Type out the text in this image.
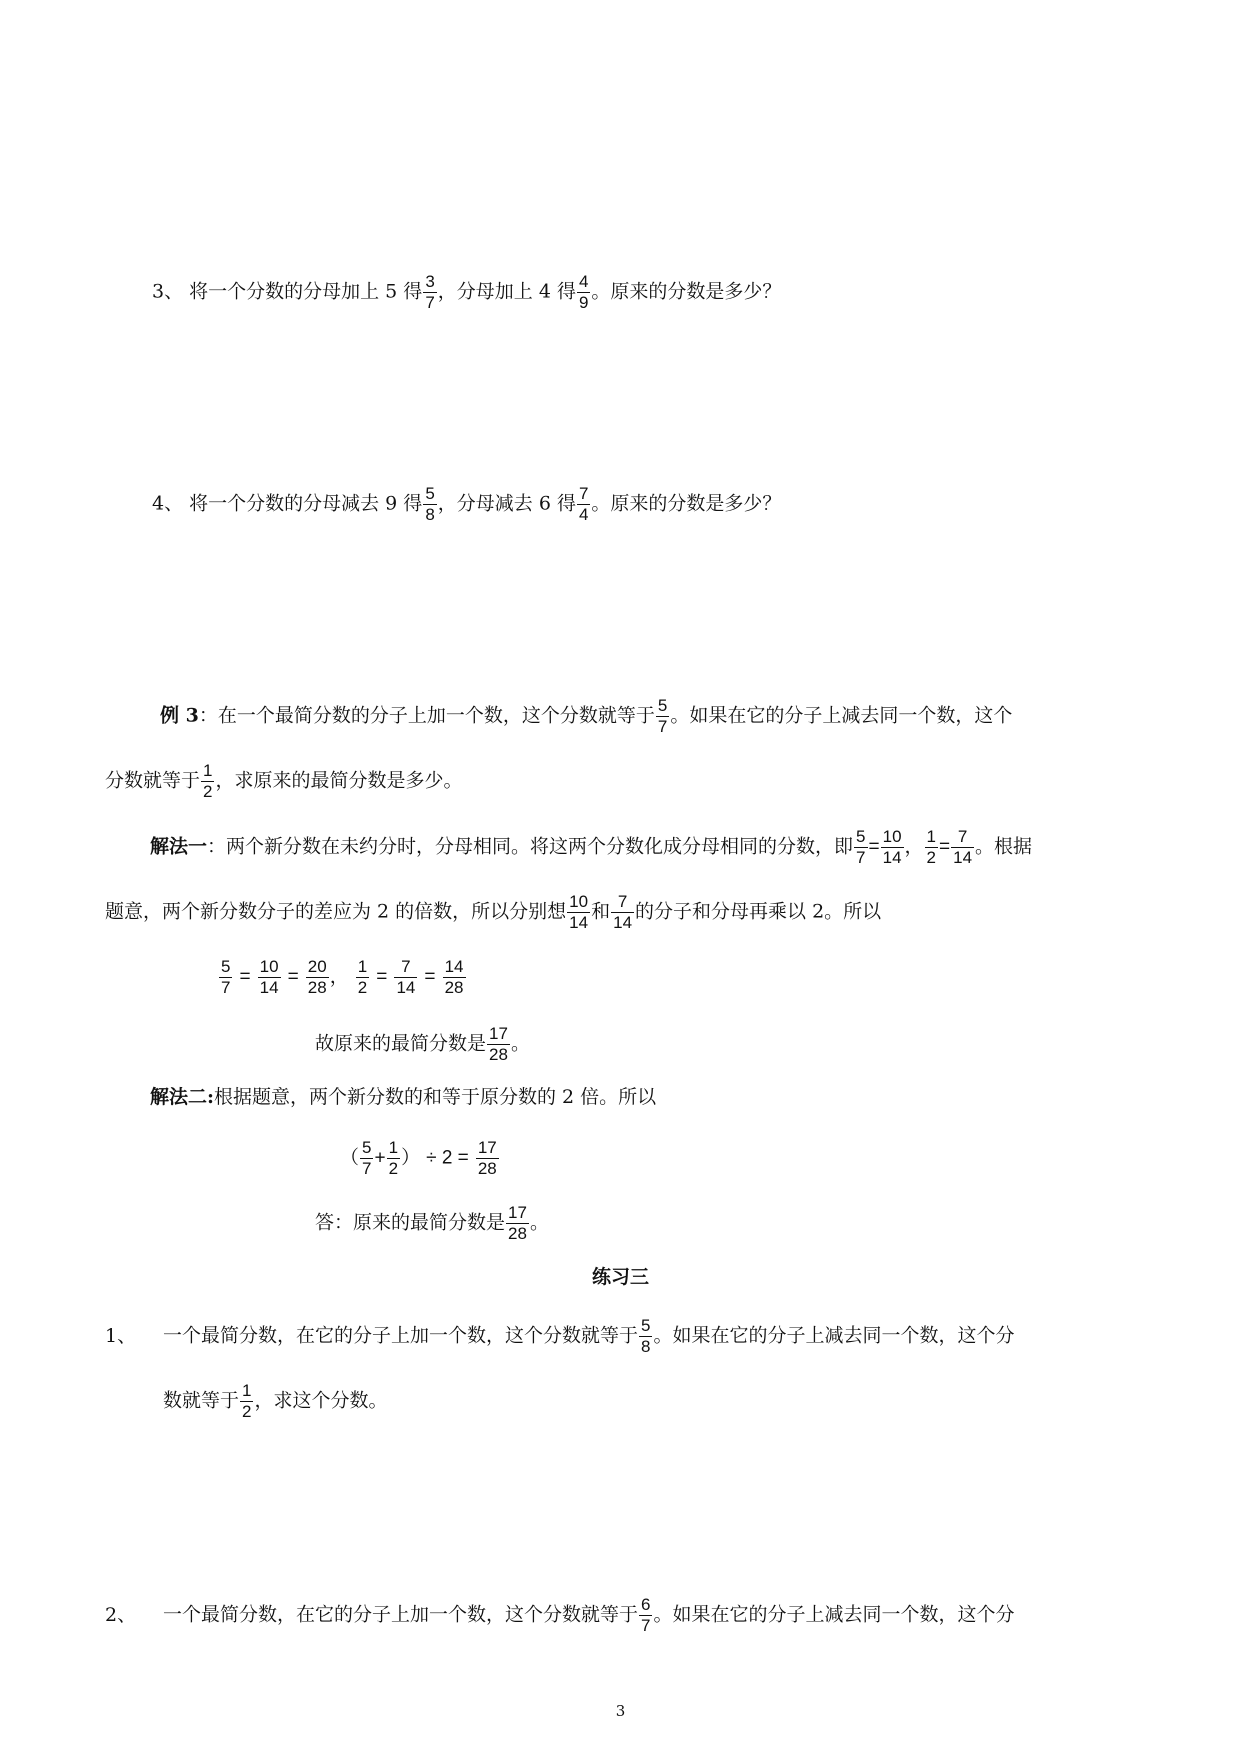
3、 将一个分数的分母加上 5 得 $\frac{3}{7}$ ，分母加上 4 得 $\frac{4}{9}$ 。原来的分数是多少？
4、 将一个分数的分母减去 9 得 $\frac{5}{8}$ ，分母减去 6 得 $\frac{7}{4}$ 。原来的分数是多少？
例 3：在一个最简分数的分子上加一个数，这个分数就等于 $\frac{5}{7}$ 。如果在它的分子上减去同一个数，这个
分数就等于 $\frac{1}{2}$ ，求原来的最简分数是多少。
解法一：两个新分数在未约分时，分母相同。将这两个分数化成分母相同的分数，即 $\frac{5}{7} = \frac{10}{14}$ ， $\frac{1}{2} = \frac{7}{14}$ 。根据
题意，两个新分数分子的差应为 2 的倍数，所以分别想 $\frac{10}{14}$ 和 $\frac{7}{14}$ 的分子和分母再乘以 2。所以
$\frac{5}{7} = \frac{10}{14} = \frac{20}{28}$ ， $\frac{1}{2} = \frac{7}{14} = \frac{14}{28}$
故原来的最简分数是 $\frac{17}{28}$ 。
解法二:根据题意，两个新分数的和等于原分数的 2 倍。所以
（ $\frac{5}{7} + \frac{1}{2}$ ） ÷ $2 = \frac{17}{28}$
答：原来的最简分数是 $\frac{17}{28}$ 。
练习三
1、 一个最简分数，在它的分子上加一个数，这个分数就等于 $\frac{5}{8}$ 。如果在它的分子上减去同一个数，这个分
数就等于 $\frac{1}{2}$ ，求这个分数。
2、 一个最简分数，在它的分子上加一个数，这个分数就等于 $\frac{6}{7}$ 。如果在它的分子上减去同一个数，这个分
3
